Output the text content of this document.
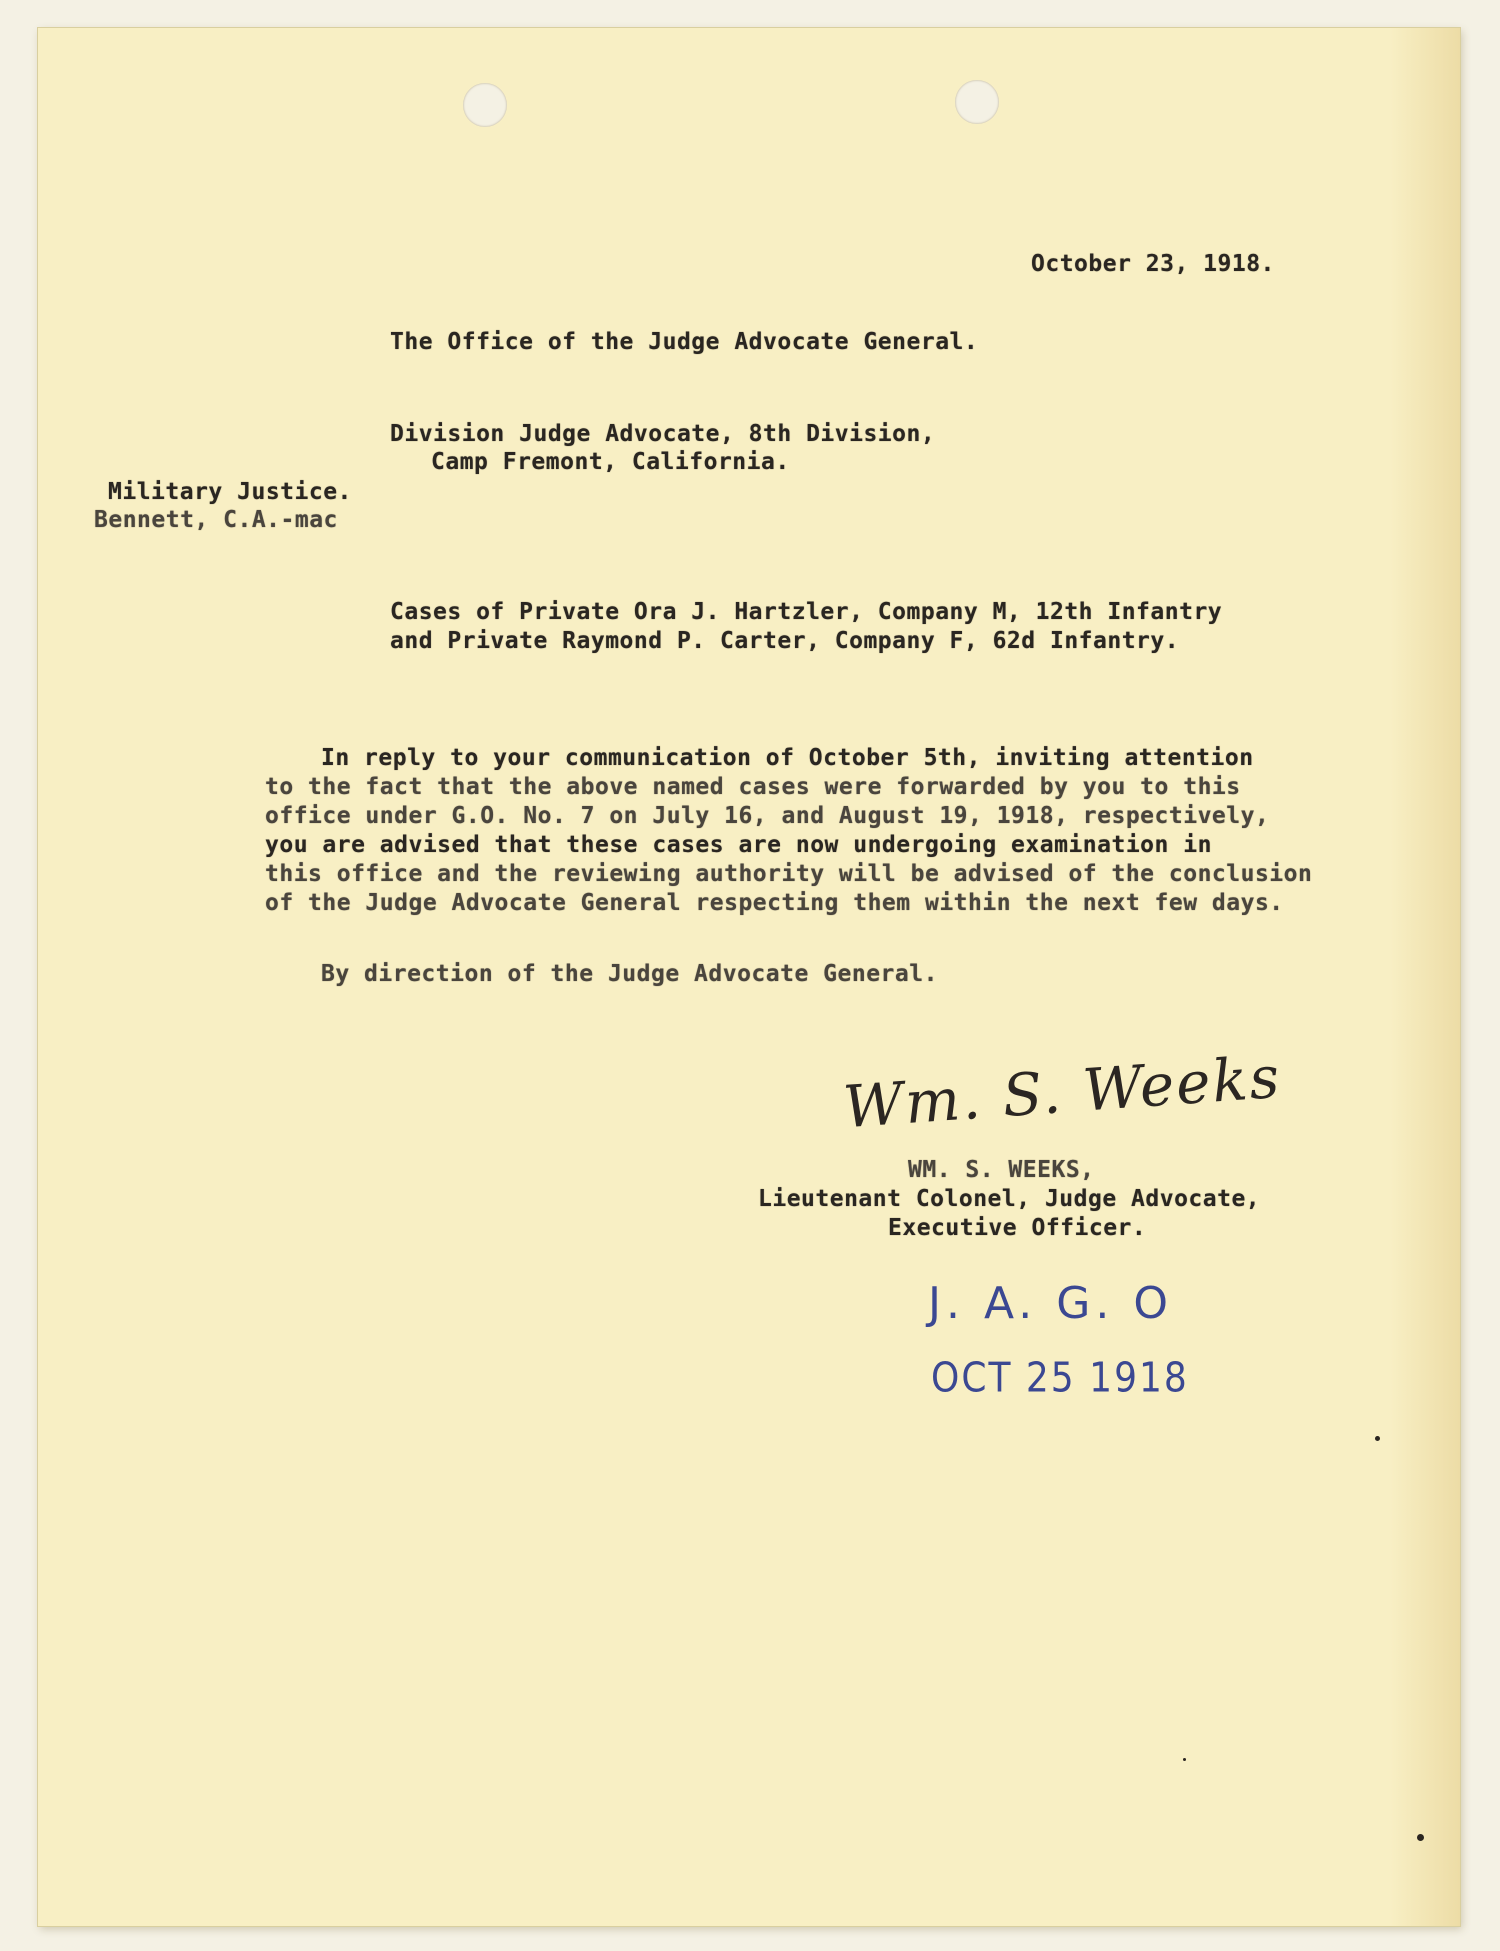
October 23, 1918.
The Office of the Judge Advocate General.
Division Judge Advocate, 8th Division,
Camp Fremont, California.
Military Justice.
Bennett, C.A.-mac
Cases of Private Ora J. Hartzler, Company M, 12th Infantry
and Private Raymond P. Carter, Company F, 62d Infantry.
In reply to your communication of October 5th, inviting attention
to the fact that the above named cases were forwarded by you to this
office under G.O. No. 7 on July 16, and August 19, 1918, respectively,
you are advised that these cases are now undergoing examination in
this office and the reviewing authority will be advised of the conclusion
of the Judge Advocate General respecting them within the next few days.
By direction of the Judge Advocate General.
Wm. S. Weeks
WM. S. WEEKS,
Lieutenant Colonel, Judge Advocate,
Executive Officer.
J. A. G. O
OCT 25 1918
